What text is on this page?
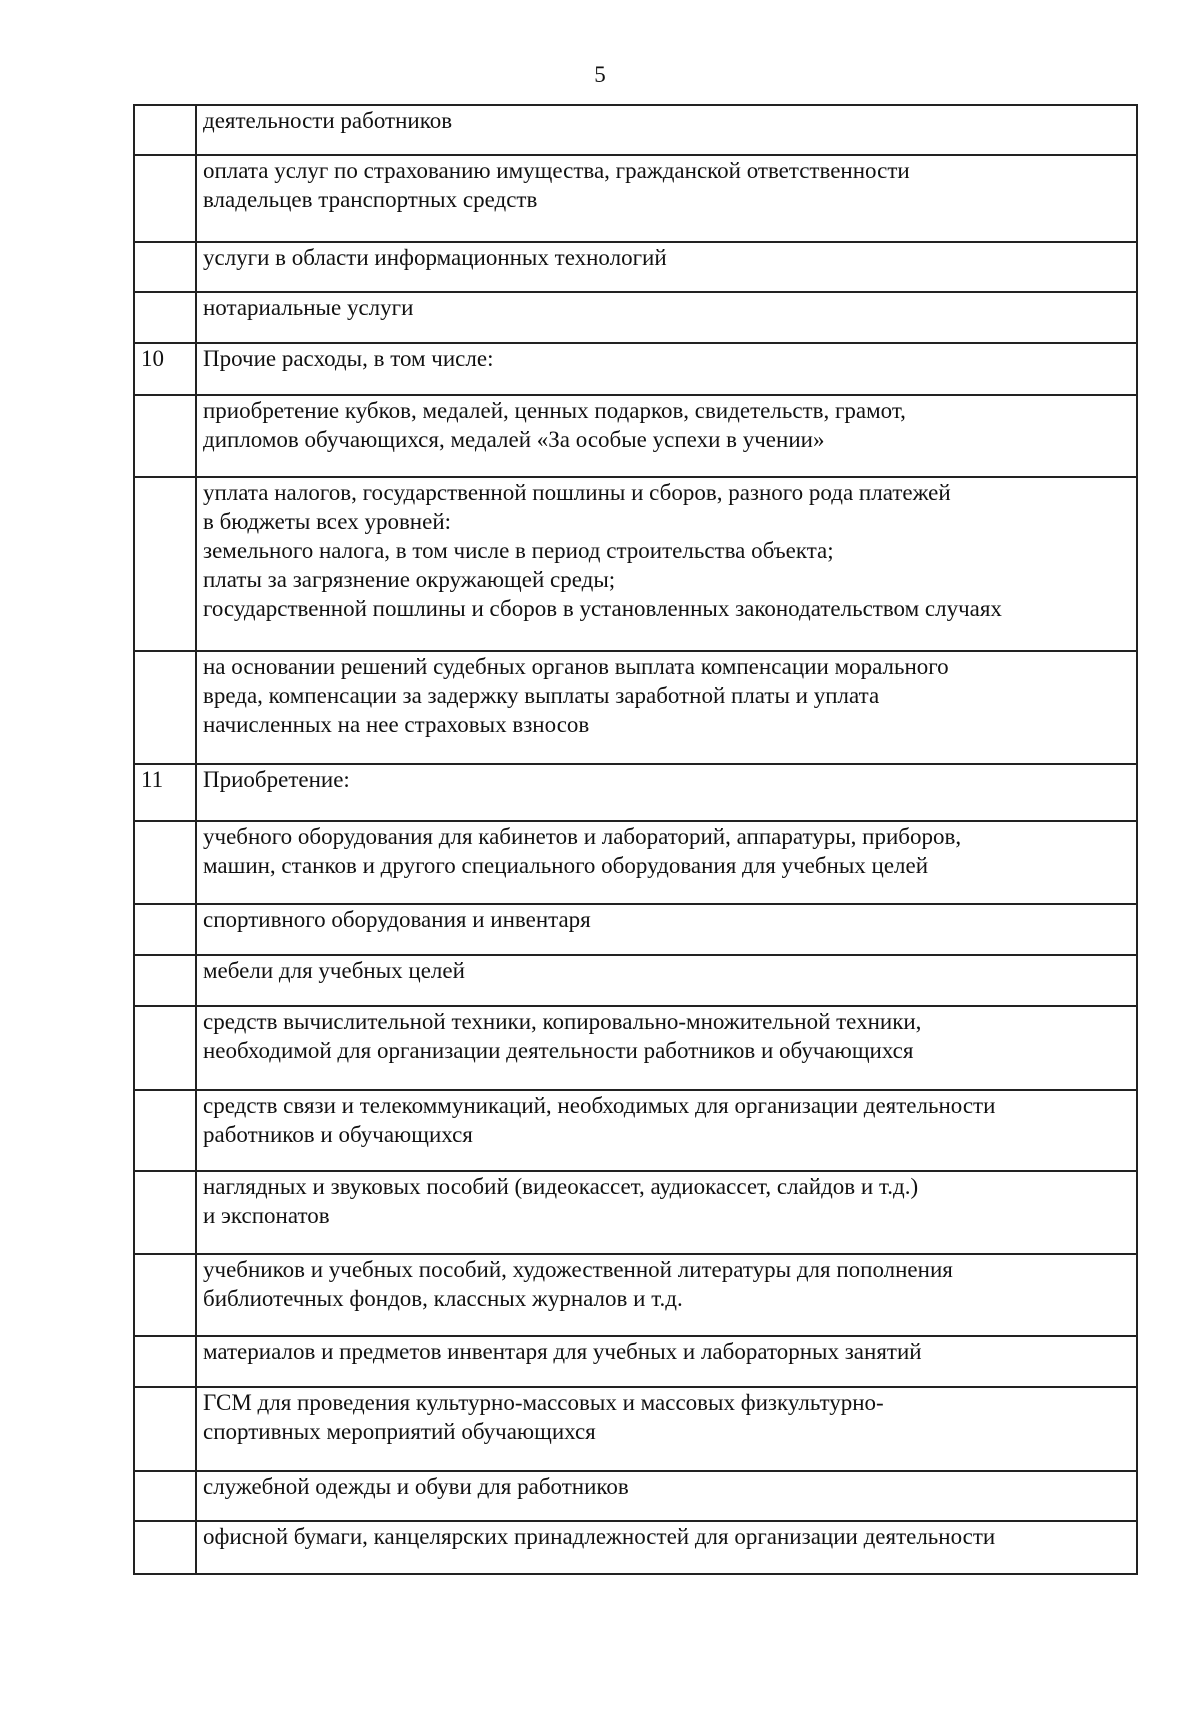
5

	деятельности работников

	оплата услуг по страхованию имущества, гражданской ответственности
владельцев транспортных средств

	услуги в области информационных технологий

	нотариальные услуги

10	Прочие расходы, в том числе:

	приобретение кубков, медалей, ценных подарков, свидетельств, грамот,
дипломов обучающихся, медалей «За особые успехи в учении»

	уплата налогов, государственной пошлины и сборов, разного рода платежей
в бюджеты всех уровней:
земельного налога, в том числе в период строительства объекта;
платы за загрязнение окружающей среды;
государственной пошлины и сборов в установленных законодательством случаях

	на основании решений судебных органов выплата компенсации морального
вреда, компенсации за задержку выплаты заработной платы и уплата
начисленных на нее страховых взносов

11	Приобретение:

	учебного оборудования для кабинетов и лабораторий, аппаратуры, приборов,
машин, станков и другого специального оборудования для учебных целей

	спортивного оборудования и инвентаря

	мебели для учебных целей

	средств вычислительной техники, копировально-множительной техники,
необходимой для организации деятельности работников и обучающихся

	средств связи и телекоммуникаций, необходимых для организации деятельности
работников и обучающихся

	наглядных и звуковых пособий (видеокассет, аудиокассет, слайдов и т.д.)
и экспонатов

	учебников и учебных пособий, художественной литературы для пополнения
библиотечных фондов, классных журналов и т.д.

	материалов и предметов инвентаря для учебных и лабораторных занятий

	ГСМ для проведения культурно-массовых и массовых физкультурно-
спортивных мероприятий обучающихся

	служебной одежды и обуви для работников

	офисной бумаги, канцелярских принадлежностей для организации деятельности
